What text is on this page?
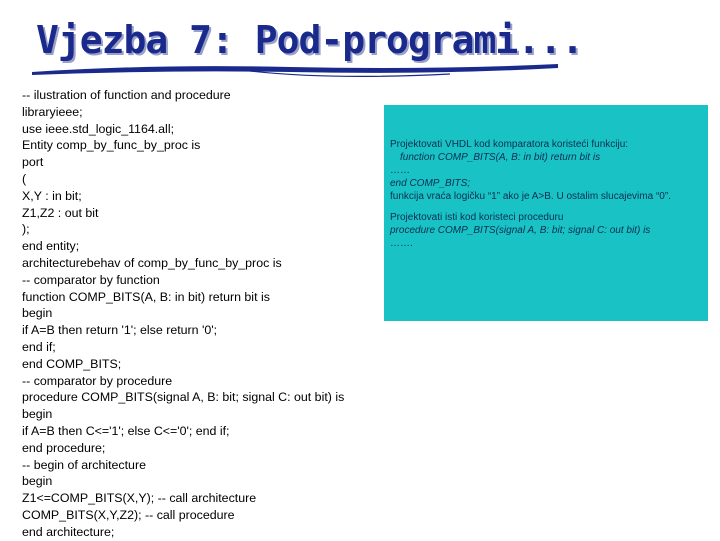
Vjezba 7: Pod-programi...
-- ilustration of function and procedure
libraryieee;
use ieee.std_logic_1164.all;
Entity comp_by_func_by_proc is
port
(
X,Y : in bit;
Z1,Z2 : out bit
);
end entity;
architecturebehav of comp_by_func_by_proc is
-- comparator by function
function COMP_BITS(A, B: in bit) return bit is
begin
if A=B then return '1'; else return '0';
end if;
end COMP_BITS;
-- comparator by procedure
procedure COMP_BITS(signal A, B: bit; signal C: out bit) is
begin
if A=B then C<='1'; else C<='0'; end if;
end procedure;
-- begin of architecture
begin
Z1<=COMP_BITS(X,Y); -- call architecture
COMP_BITS(X,Y,Z2); -- call procedure
end architecture;
Projektovati VHDL kod komparatora koristeći funkciju:
function COMP_BITS(A, B: in bit) return bit is
……
end COMP_BITS;
funkcija vraća logičku “1” ako je A>B. U ostalim slucajevima “0”.
Projektovati isti kod koristeci proceduru
procedure COMP_BITS(signal A, B: bit; signal C: out bit) is
…….
